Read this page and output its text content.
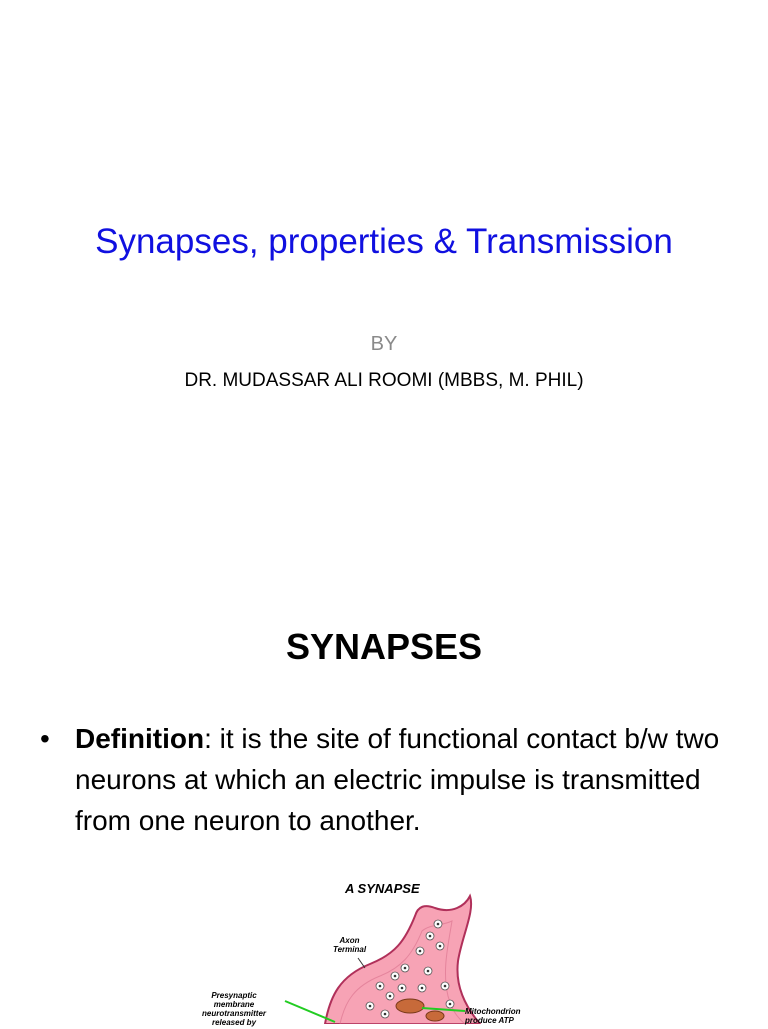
Synapses, properties & Transmission
BY
DR. MUDASSAR ALI ROOMI (MBBS, M. PHIL)
SYNAPSES
• Definition: it is the site of functional contact b/w two neurons at which an electric impulse is transmitted from one neuron to another.
A SYNAPSE
Axon
Terminal
Presynaptic
membrane
neurotransmitter
released by
Mitochondrion
produce ATP
